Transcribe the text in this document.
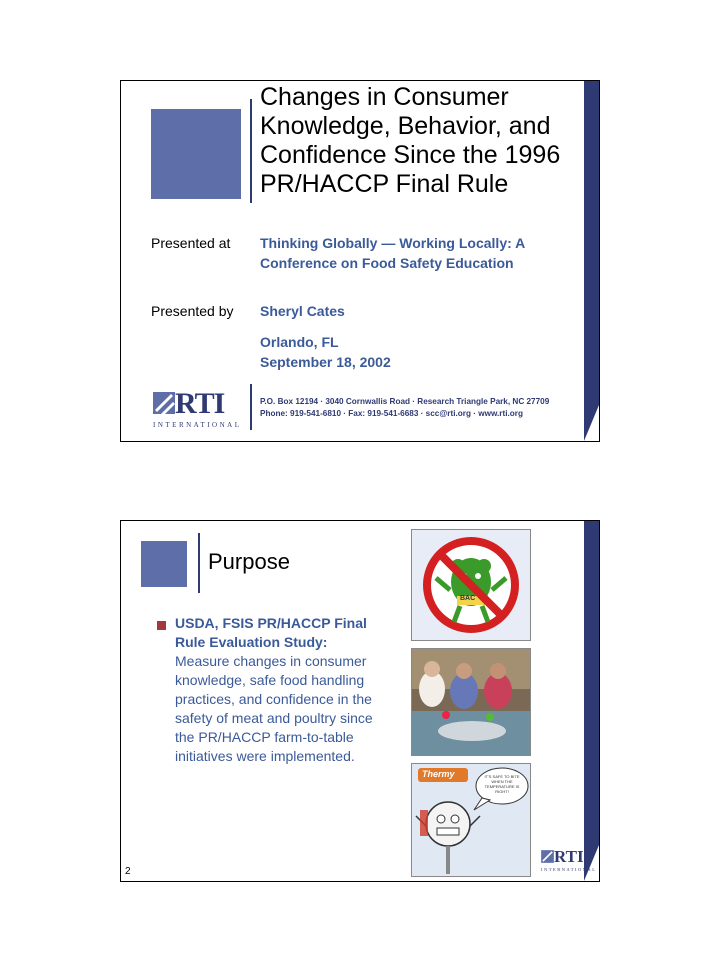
Changes in Consumer Knowledge, Behavior, and Confidence Since the 1996 PR/HACCP Final Rule
Presented at Thinking Globally — Working Locally: A Conference on Food Safety Education
Presented by Sheryl Cates
Orlando, FL
September 18, 2002
RTI
INTERNATIONAL
P.O. Box 12194 · 3040 Cornwallis Road · Research Triangle Park, NC 27709
Phone: 919-541-6810 · Fax: 919-541-6683 · scc@rti.org · www.rti.org
Purpose
USDA, FSIS PR/HACCP Final Rule Evaluation Study:
Measure changes in consumer knowledge, safe food handling practices, and confidence in the safety of meat and poultry since the PR/HACCP farm-to-table initiatives were implemented.
BAC
Thermy	IT'S SAFE TO BITE WHEN THE TEMPERATURE IS RIGHT!
2
RTI
INTERNATIONAL
